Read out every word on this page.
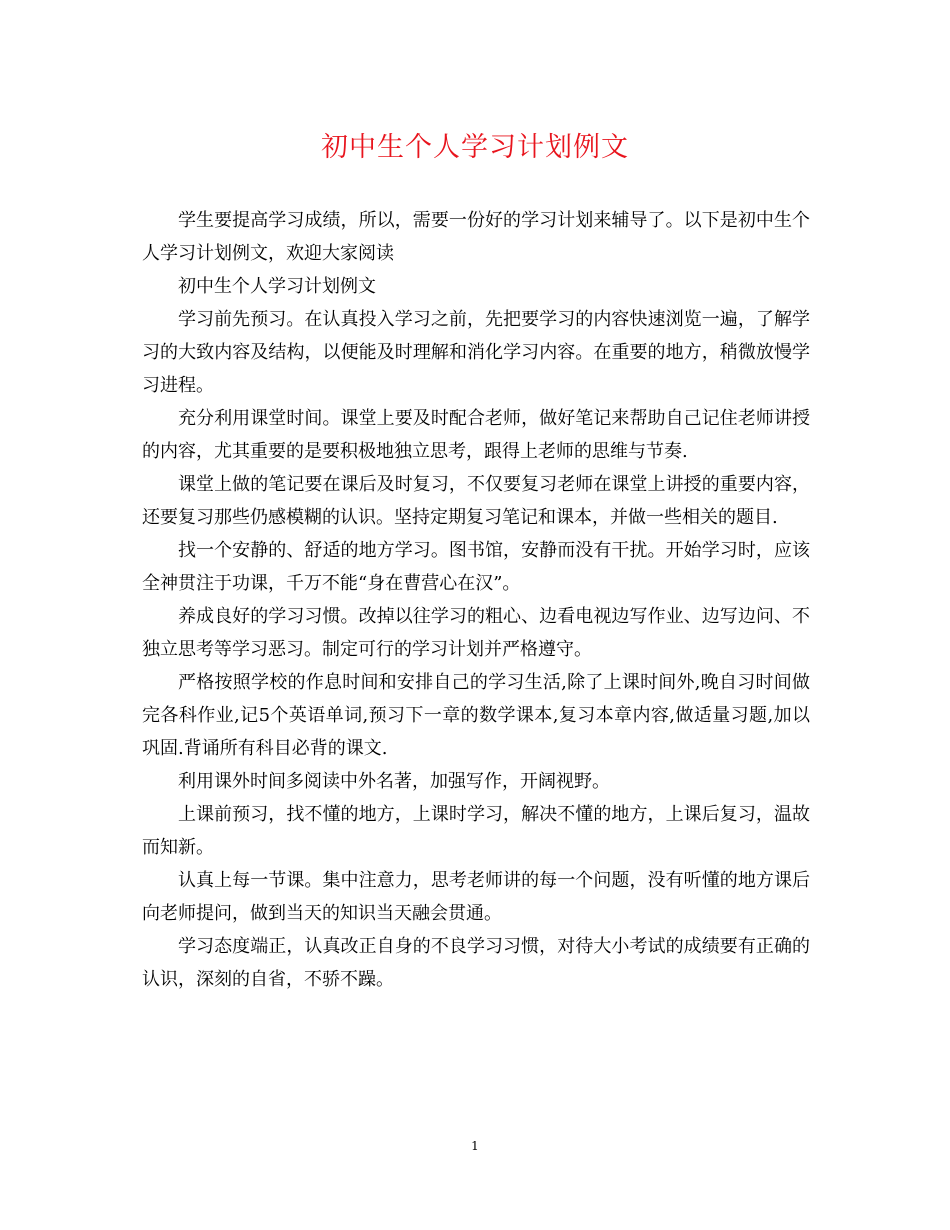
初中生个人学习计划例文

学生要提高学习成绩，所以，需要一份好的学习计划来辅导了。以下是初中生个人学习计划例文，欢迎大家阅读

初中生个人学习计划例文

学习前先预习。在认真投入学习之前，先把要学习的内容快速浏览一遍，了解学习的大致内容及结构，以便能及时理解和消化学习内容。在重要的地方，稍微放慢学习进程。

充分利用课堂时间。课堂上要及时配合老师，做好笔记来帮助自己记住老师讲授的内容，尤其重要的是要积极地独立思考，跟得上老师的思维与节奏.

课堂上做的笔记要在课后及时复习，不仅要复习老师在课堂上讲授的重要内容，还要复习那些仍感模糊的认识。坚持定期复习笔记和课本，并做一些相关的题目.

找一个安静的、舒适的地方学习。图书馆，安静而没有干扰。开始学习时，应该全神贯注于功课，千万不能“身在曹营心在汉”。

养成良好的学习习惯。改掉以往学习的粗心、边看电视边写作业、边写边问、不独立思考等学习恶习。制定可行的学习计划并严格遵守。

严格按照学校的作息时间和安排自己的学习生活,除了上课时间外,晚自习时间做完各科作业,记5个英语单词,预习下一章的数学课本,复习本章内容,做适量习题,加以巩固.背诵所有科目必背的课文.

利用课外时间多阅读中外名著，加强写作，开阔视野。

上课前预习，找不懂的地方，上课时学习，解决不懂的地方，上课后复习，温故而知新。

认真上每一节课。集中注意力，思考老师讲的每一个问题，没有听懂的地方课后向老师提问，做到当天的知识当天融会贯通。

学习态度端正，认真改正自身的不良学习习惯，对待大小考试的成绩要有正确的认识，深刻的自省，不骄不躁。

1
